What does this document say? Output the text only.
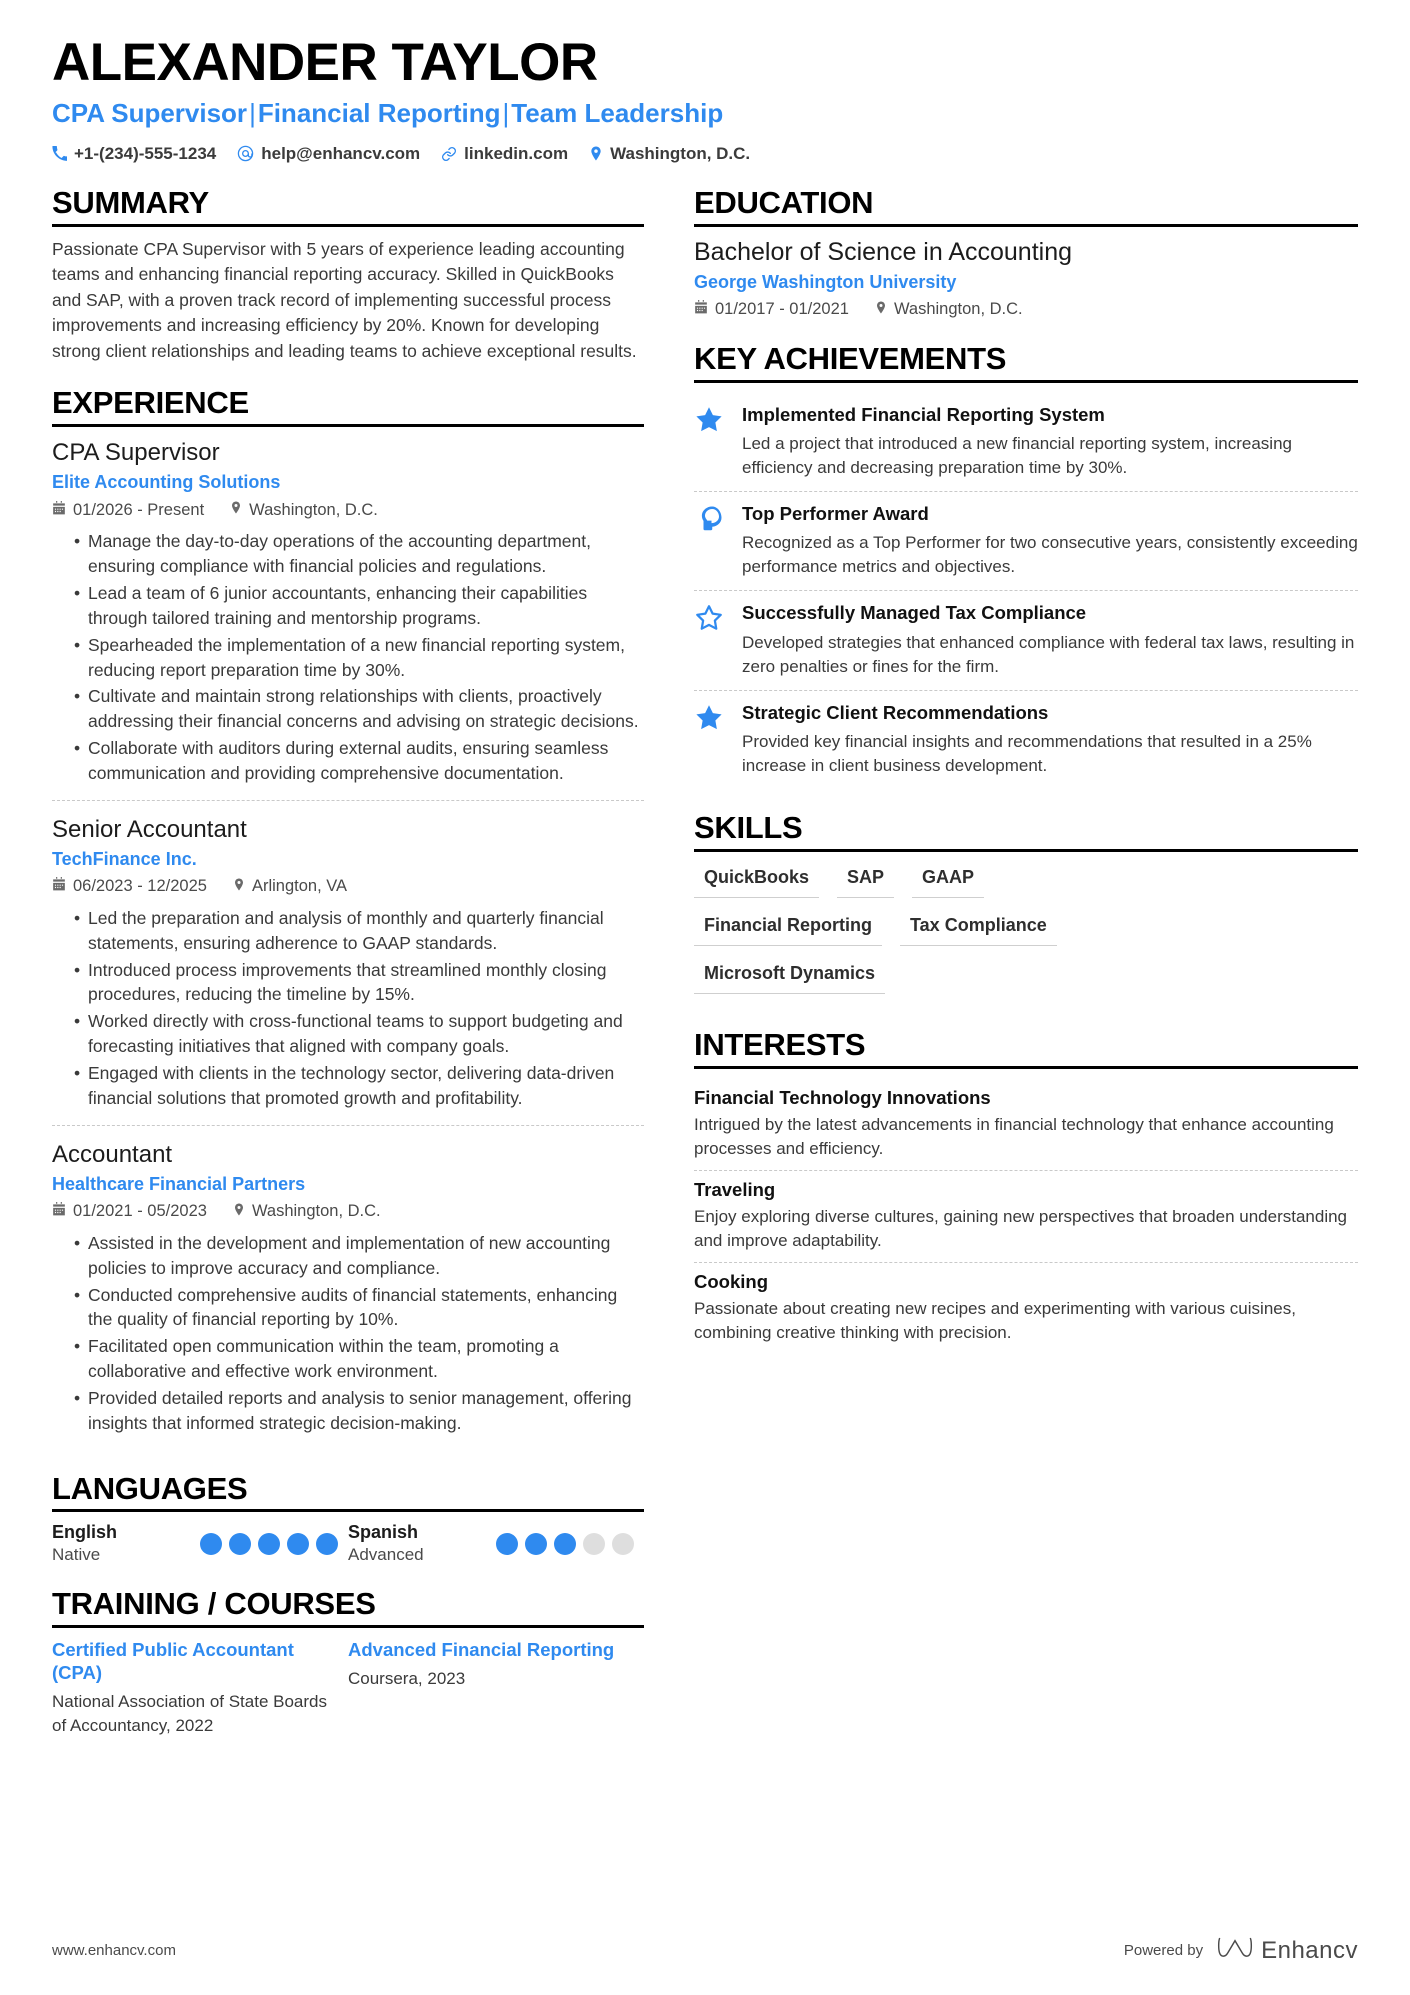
ALEXANDER TAYLOR
CPA Supervisor|Financial Reporting|Team Leadership
+1-(234)-555-1234	help@enhancv.com	linkedin.com Washington, D.C.
SUMMARY
Passionate CPA Supervisor with 5 years of experience leading accounting teams and enhancing financial reporting accuracy. Skilled in QuickBooks and SAP, with a proven track record of implementing successful process improvements and increasing efficiency by 20%. Known for developing strong client relationships and leading teams to achieve exceptional results.
EXPERIENCE
CPA Supervisor
Elite Accounting Solutions
01/2026 - Present	Washington, D.C.
• Manage the day-to-day operations of the accounting department, ensuring compliance with financial policies and regulations.
• Lead a team of 6 junior accountants, enhancing their capabilities through tailored training and mentorship programs.
• Spearheaded the implementation of a new financial reporting system, reducing report preparation time by 30%.
• Cultivate and maintain strong relationships with clients, proactively addressing their financial concerns and advising on strategic decisions.
• Collaborate with auditors during external audits, ensuring seamless communication and providing comprehensive documentation.
Senior Accountant
TechFinance Inc.
06/2023 - 12/2025	Arlington, VA
• Led the preparation and analysis of monthly and quarterly financial statements, ensuring adherence to GAAP standards.
• Introduced process improvements that streamlined monthly closing procedures, reducing the timeline by 15%.
• Worked directly with cross-functional teams to support budgeting and forecasting initiatives that aligned with company goals.
• Engaged with clients in the technology sector, delivering data-driven financial solutions that promoted growth and profitability.
Accountant
Healthcare Financial Partners
01/2021 - 05/2023	Washington, D.C.
• Assisted in the development and implementation of new accounting policies to improve accuracy and compliance.
• Conducted comprehensive audits of financial statements, enhancing the quality of financial reporting by 10%.
• Facilitated open communication within the team, promoting a collaborative and effective work environment.
• Provided detailed reports and analysis to senior management, offering insights that informed strategic decision-making.
LANGUAGES
English
Native
Spanish
Advanced
TRAINING / COURSES
Certified Public Accountant (CPA)
National Association of State Boards of Accountancy, 2022
Advanced Financial Reporting
Coursera, 2023
EDUCATION
Bachelor of Science in Accounting
George Washington University
01/2017 - 01/2021	Washington, D.C.
KEY ACHIEVEMENTS
Implemented Financial Reporting System
Led a project that introduced a new financial reporting system, increasing efficiency and decreasing preparation time by 30%.
Top Performer Award
Recognized as a Top Performer for two consecutive years, consistently exceeding performance metrics and objectives.
Successfully Managed Tax Compliance
Developed strategies that enhanced compliance with federal tax laws, resulting in zero penalties or fines for the firm.
Strategic Client Recommendations
Provided key financial insights and recommendations that resulted in a 25% increase in client business development.
SKILLS
QuickBooks	SAP	GAAP
Financial Reporting	Tax Compliance
Microsoft Dynamics
INTERESTS
Financial Technology Innovations
Intrigued by the latest advancements in financial technology that enhance accounting processes and efficiency.
Traveling
Enjoy exploring diverse cultures, gaining new perspectives that broaden understanding and improve adaptability.
Cooking
Passionate about creating new recipes and experimenting with various cuisines, combining creative thinking with precision.
www.enhancv.com	Powered by Enhancv
